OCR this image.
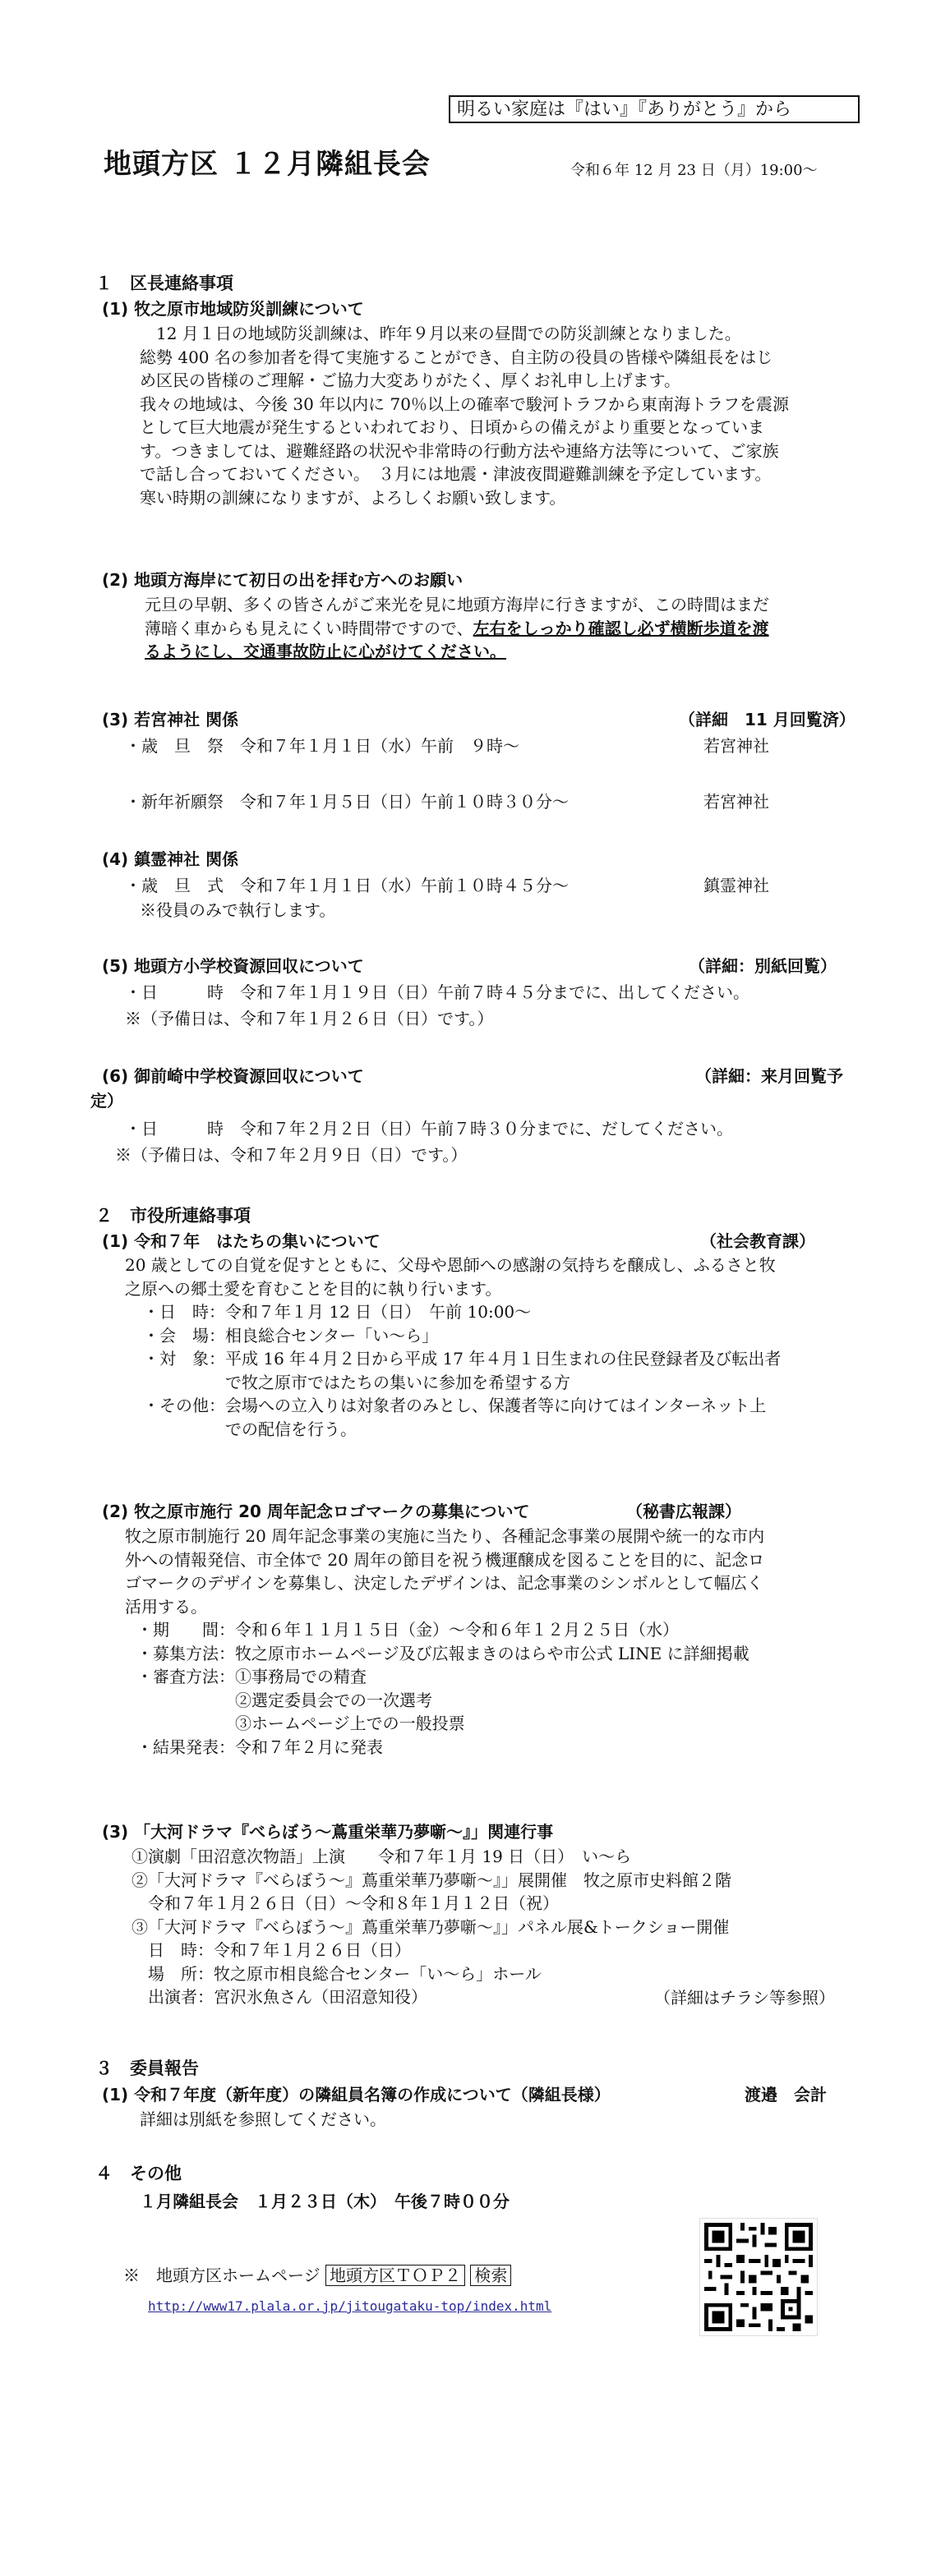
明るい家庭は『はい』『ありがとう』から
地頭方区 １２月隣組長会	令和６年 12 月 23 日（月）19:00～
１　区長連絡事項
(1) 牧之原市地域防災訓練について
　12 月１日の地域防災訓練は、昨年９月以来の昼間での防災訓練となりました。
総勢 400 名の参加者を得て実施することができ、自主防の役員の皆様や隣組長をはじ
め区民の皆様のご理解・ご協力大変ありがたく、厚くお礼申し上げます。
我々の地域は、今後 30 年以内に 70％以上の確率で駿河トラフから東南海トラフを震源
として巨大地震が発生するといわれており、日頃からの備えがより重要となっていま
す。つきましては、避難経路の状況や非常時の行動方法や連絡方法等について、ご家族
で話し合っておいてください。　３月には地震・津波夜間避難訓練を予定しています。
寒い時期の訓練になりますが、よろしくお願い致します。
(2) 地頭方海岸にて初日の出を拝む方へのお願い
元旦の早朝、多くの皆さんがご来光を見に地頭方海岸に行きますが、この時間はまだ
薄暗く車からも見えにくい時間帯ですので、左右をしっかり確認し必ず横断歩道を渡
るようにし、交通事故防止に心がけてください。
(3) 若宮神社 関係	（詳細　11 月回覧済）
・歳　旦　祭　令和７年１月１日（水）午前　９時～	若宮神社
・新年祈願祭　令和７年１月５日（日）午前１０時３０分～	若宮神社
(4) 鎮霊神社 関係
・歳　旦　式　令和７年１月１日（水）午前１０時４５分～	鎮霊神社
※役員のみで執行します。
(5) 地頭方小学校資源回収について	（詳細：別紙回覧）
・日　　　時　令和７年１月１９日（日）午前７時４５分までに、出してください。
※（予備日は、令和７年１月２６日（日）です。）
(6) 御前崎中学校資源回収について	（詳細：来月回覧予
定）
・日　　　時　令和７年２月２日（日）午前７時３０分までに、だしてください。
※（予備日は、令和７年２月９日（日）です。）
２　市役所連絡事項
(1) 令和７年　はたちの集いについて	（社会教育課）
20 歳としての自覚を促すとともに、父母や恩師への感謝の気持ちを醸成し、ふるさと牧
之原への郷土愛を育むことを目的に執り行います。
・日　時：令和７年１月 12 日（日）　午前 10:00～
・会　場：相良総合センター「い～ら」
・対　象：平成 16 年４月２日から平成 17 年４月１日生まれの住民登録者及び転出者
　　　　　で牧之原市ではたちの集いに参加を希望する方
・その他：会場への立入りは対象者のみとし、保護者等に向けてはインターネット上
　　　　　での配信を行う。
(2) 牧之原市施行 20 周年記念ロゴマークの募集について	（秘書広報課）
牧之原市制施行 20 周年記念事業の実施に当たり、各種記念事業の展開や統一的な市内
外への情報発信、市全体で 20 周年の節目を祝う機運醸成を図ることを目的に、記念ロ
ゴマークのデザインを募集し、決定したデザインは、記念事業のシンボルとして幅広く
活用する。
・期　　間：令和６年１１月１５日（金）～令和６年１２月２５日（水）
・募集方法：牧之原市ホームページ及び広報まきのはらや市公式 LINE に詳細掲載
・審査方法：①事務局での精査
　　　　　　②選定委員会での一次選考
　　　　　　③ホームページ上での一般投票
・結果発表：令和７年２月に発表
(3) 「大河ドラマ『べらぼう～蔦重栄華乃夢噺～』」関連行事
①演劇「田沼意次物語」上演　　令和７年１月 19 日（日）　い～ら
②「大河ドラマ『べらぼう～』蔦重栄華乃夢噺～』」展開催　牧之原市史料館２階
　令和７年１月２６日（日）～令和８年１月１２日（祝）
③「大河ドラマ『べらぼう～』蔦重栄華乃夢噺～』」パネル展&トークショー開催
　日　時：令和７年１月２６日（日）
　場　所：牧之原市相良総合センター「い～ら」ホール
　出演者：宮沢氷魚さん（田沼意知役）	（詳細はチラシ等参照）
３　委員報告
(1) 令和７年度（新年度）の隣組員名簿の作成について（隣組長様）	渡邉　会計
詳細は別紙を参照してください。
４　その他
１月隣組長会　１月２３日（木）　午後７時００分
※　地頭方区ホームページ 地頭方区ＴＯＰ２ 検索
http://www17.plala.or.jp/jitougataku-top/index.html
